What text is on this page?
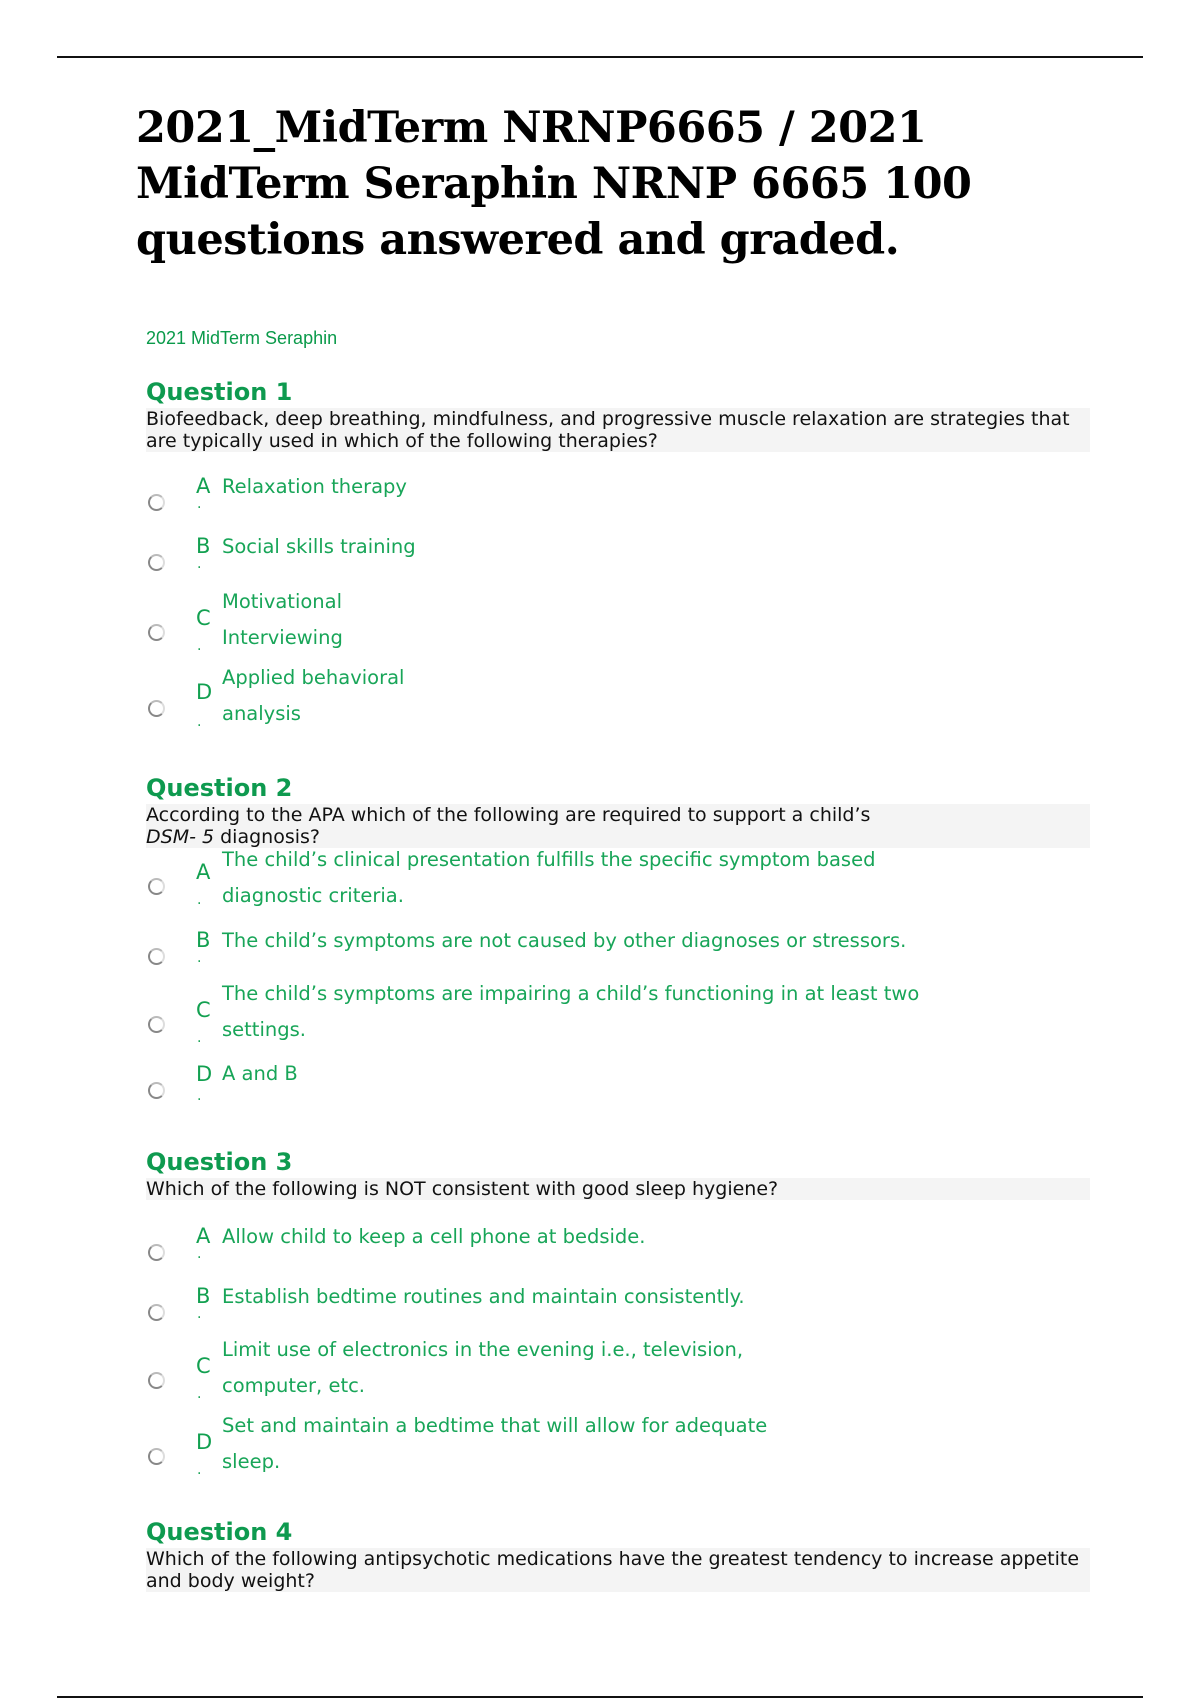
2021_MidTerm NRNP6665 / 2021 MidTerm Seraphin NRNP 6665 100 questions answered and graded.
2021 MidTerm Seraphin
Question 1
Biofeedback, deep breathing, mindfulness, and progressive muscle relaxation are strategies that are typically used in which of the following therapies?
A
.
Relaxation therapy
B
.
Social skills training
C
.
Motivational
Interviewing
D
.
Applied behavioral
analysis
Question 2
According to the APA which of the following are required to support a child’s DSM- 5 diagnosis?
A
.
The child’s clinical presentation fulfills the specific symptom based
diagnostic criteria.
B
.
The child’s symptoms are not caused by other diagnoses or stressors.
C
.
The child’s symptoms are impairing a child’s functioning in at least two
settings.
D
.
A and B
Question 3
Which of the following is NOT consistent with good sleep hygiene?
A
.
Allow child to keep a cell phone at bedside.
B
.
Establish bedtime routines and maintain consistently.
C
.
Limit use of electronics in the evening i.e., television,
computer, etc.
D
.
Set and maintain a bedtime that will allow for adequate
sleep.
Question 4
Which of the following antipsychotic medications have the greatest tendency to increase appetite and body weight?
